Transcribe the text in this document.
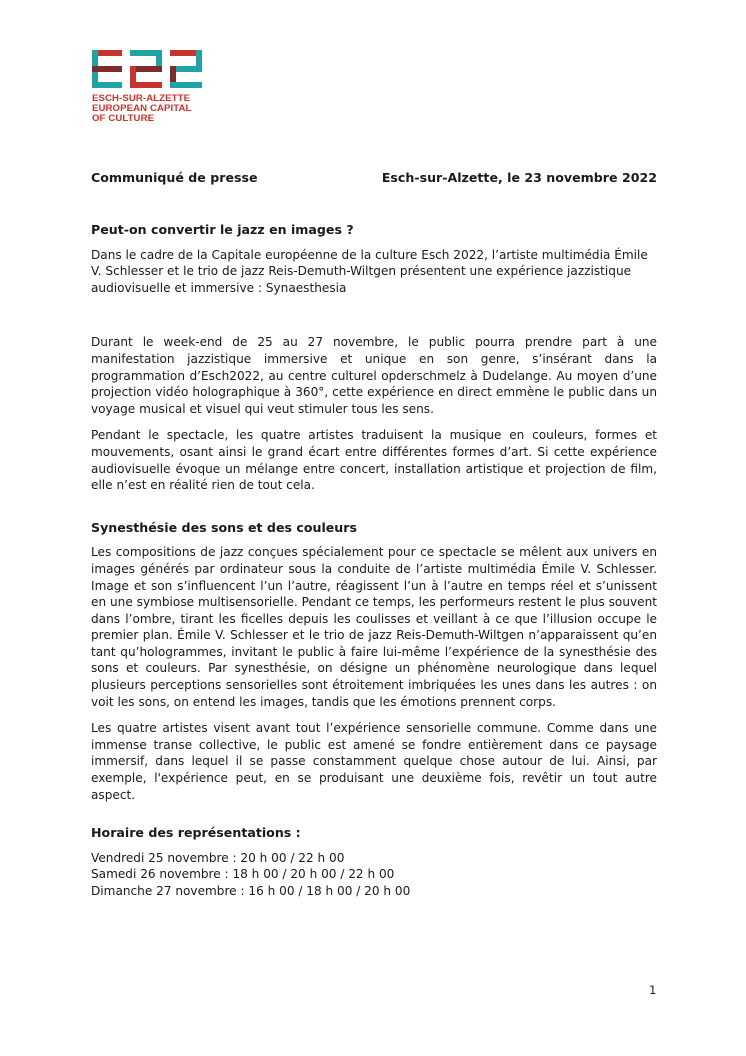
ESCH-SUR-ALZETTE
EUROPEAN CAPITAL
OF CULTURE
Communiqué de presse	Esch-sur-Alzette, le 23 novembre 2022
Peut-on convertir le jazz en images ?

Dans le cadre de la Capitale européenne de la culture Esch 2022, l’artiste multimédia Émile V. Schlesser et le trio de jazz Reis-Demuth-Wiltgen présentent une expérience jazzistique audiovisuelle et immersive : Synaesthesia

Durant le week-end de 25 au 27 novembre, le public pourra prendre part à une manifestation jazzistique immersive et unique en son genre, s’insérant dans la programmation d’Esch2022, au centre culturel opderschmelz à Dudelange. Au moyen d’une projection vidéo holographique à 360°, cette expérience en direct emmène le public dans un voyage musical et visuel qui veut stimuler tous les sens.

Pendant le spectacle, les quatre artistes traduisent la musique en couleurs, formes et mouvements, osant ainsi le grand écart entre différentes formes d’art. Si cette expérience audiovisuelle évoque un mélange entre concert, installation artistique et projection de film, elle n’est en réalité rien de tout cela.

Synesthésie des sons et des couleurs

Les compositions de jazz conçues spécialement pour ce spectacle se mêlent aux univers en images générés par ordinateur sous la conduite de l’artiste multimédia Émile V. Schlesser. Image et son s’influencent l’un l’autre, réagissent l’un à l’autre en temps réel et s’unissent en une symbiose multisensorielle. Pendant ce temps, les performeurs restent le plus souvent dans l’ombre, tirant les ficelles depuis les coulisses et veillant à ce que l’illusion occupe le premier plan. Émile V. Schlesser et le trio de jazz Reis-Demuth-Wiltgen n’apparaissent qu’en tant qu’hologrammes, invitant le public à faire lui-même l’expérience de la synesthésie des sons et couleurs. Par synesthésie, on désigne un phénomène neurologique dans lequel plusieurs perceptions sensorielles sont étroitement imbriquées les unes dans les autres : on voit les sons, on entend les images, tandis que les émotions prennent corps.

Les quatre artistes visent avant tout l’expérience sensorielle commune. Comme dans une immense transe collective, le public est amené se fondre entièrement dans ce paysage immersif, dans lequel il se passe constamment quelque chose autour de lui. Ainsi, par exemple, l'expérience peut, en se produisant une deuxième fois, revêtir un tout autre aspect.

Horaire des représentations :
Vendredi 25 novembre : 20 h 00 / 22 h 00
Samedi 26 novembre : 18 h 00 / 20 h 00 / 22 h 00
Dimanche 27 novembre : 16 h 00 / 18 h 00 / 20 h 00
1
